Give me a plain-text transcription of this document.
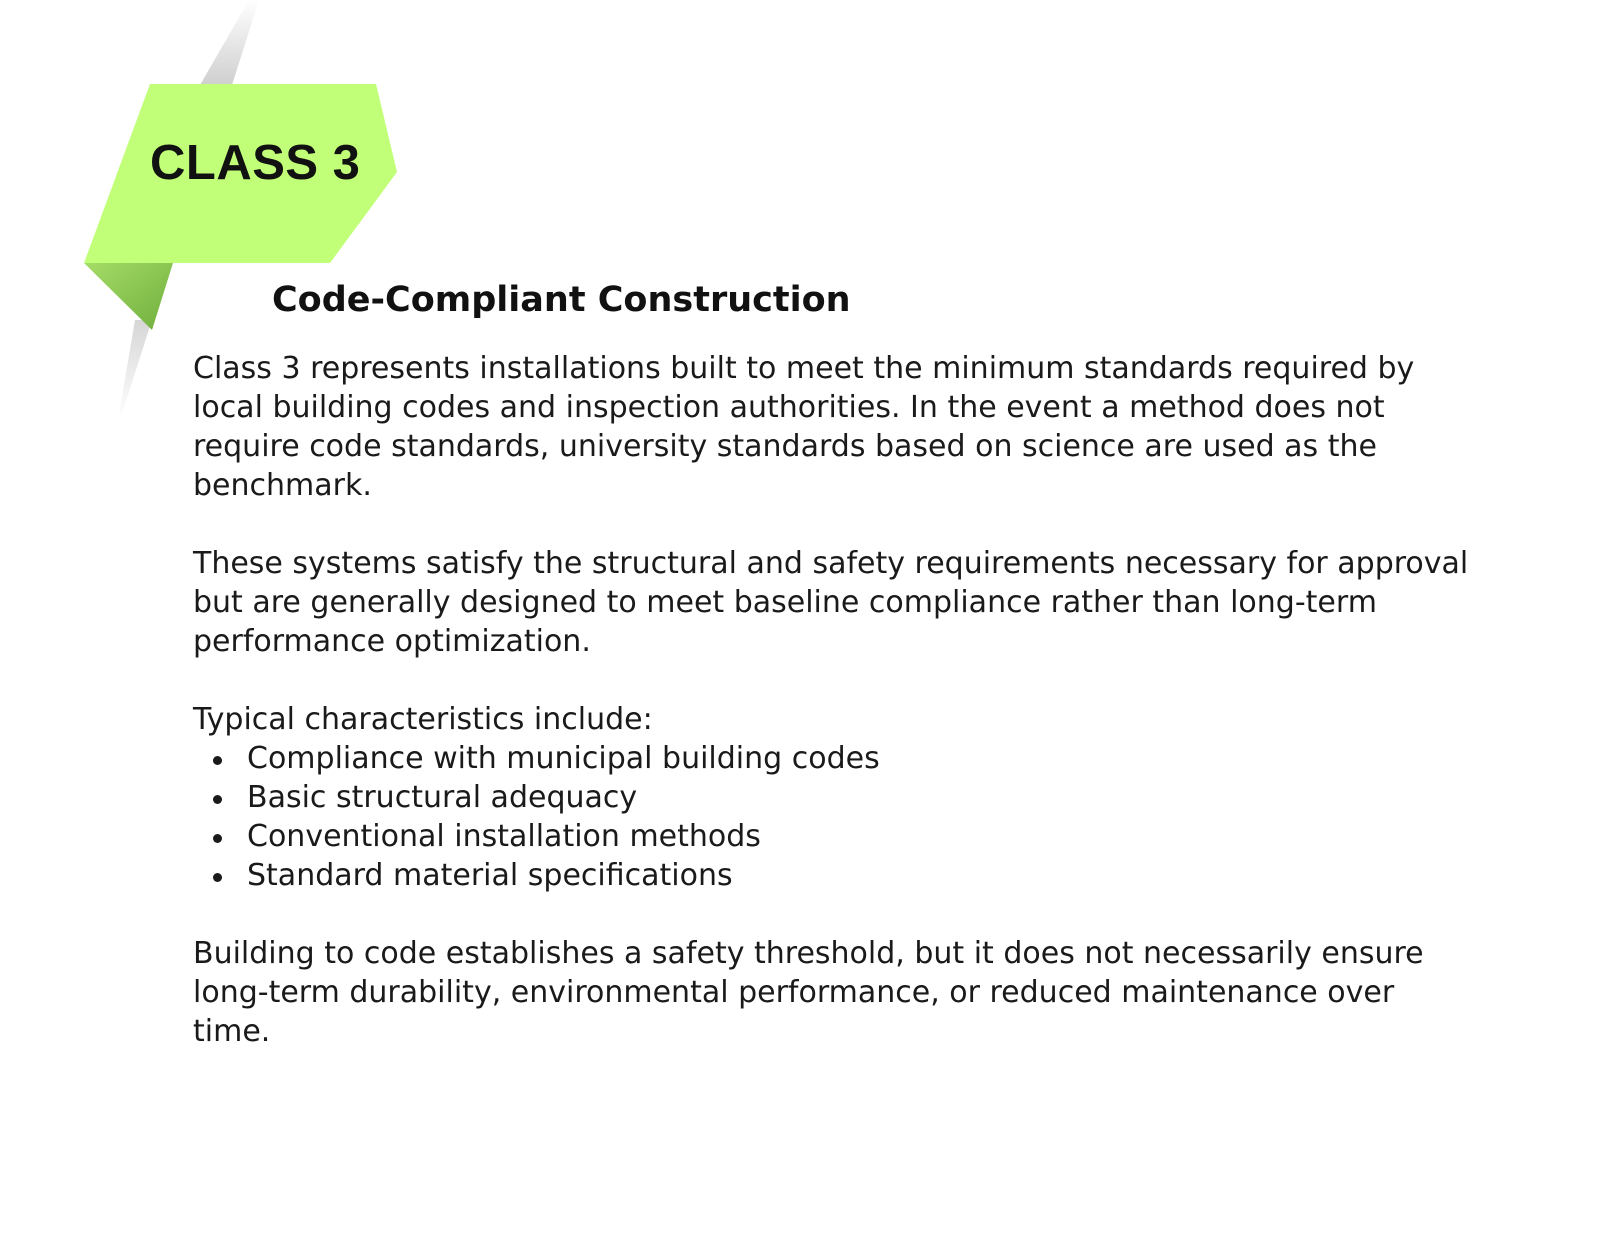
CLASS 3
Code-Compliant Construction

Class 3 represents installations built to meet the minimum standards required by local building codes and inspection authorities. In the event a method does not require code standards, university standards based on science are used as the benchmark.

These systems satisfy the structural and safety requirements necessary for approval but are generally designed to meet baseline compliance rather than long-term performance optimization.

Typical characteristics include:

Compliance with municipal building codes
Basic structural adequacy
Conventional installation methods
Standard material specifications

Building to code establishes a safety threshold, but it does not necessarily ensure long-term durability, environmental performance, or reduced maintenance over time.
